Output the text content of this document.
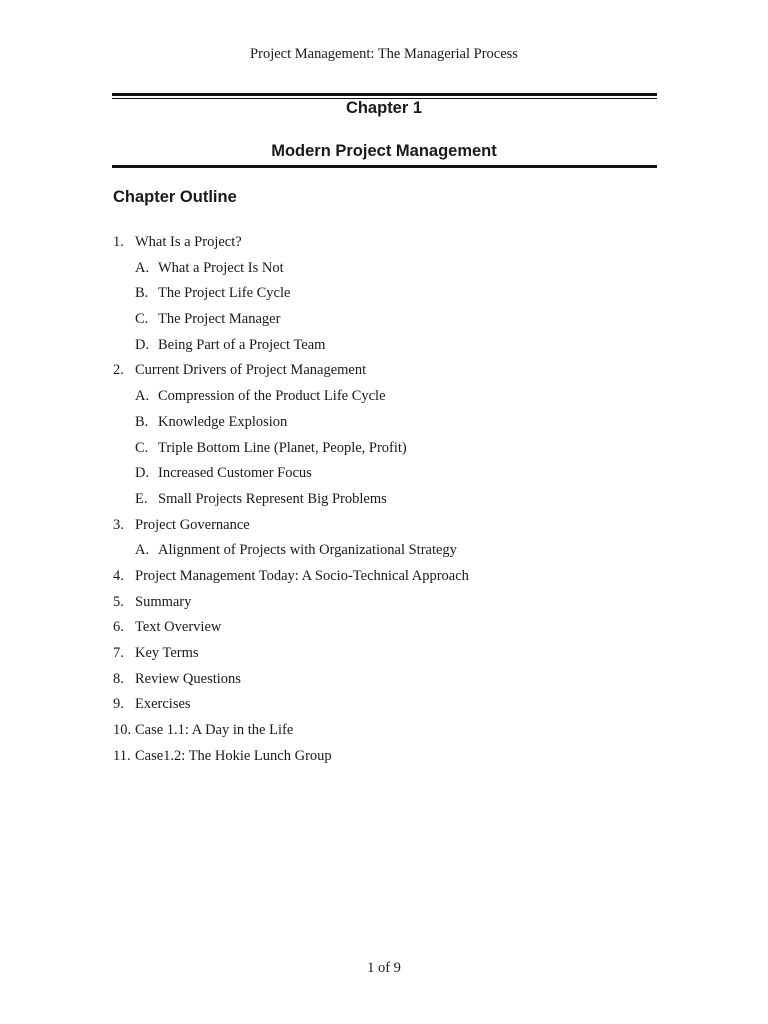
Project Management: The Managerial Process
Chapter 1
Modern Project Management
Chapter Outline
1. What Is a Project?
A. What a Project Is Not
B. The Project Life Cycle
C. The Project Manager
D. Being Part of a Project Team
2. Current Drivers of Project Management
A. Compression of the Product Life Cycle
B. Knowledge Explosion
C. Triple Bottom Line (Planet, People, Profit)
D. Increased Customer Focus
E. Small Projects Represent Big Problems
3. Project Governance
A. Alignment of Projects with Organizational Strategy
4. Project Management Today: A Socio-Technical Approach
5. Summary
6. Text Overview
7. Key Terms
8. Review Questions
9. Exercises
10. Case 1.1: A Day in the Life
11. Case1.2: The Hokie Lunch Group
1 of 9
